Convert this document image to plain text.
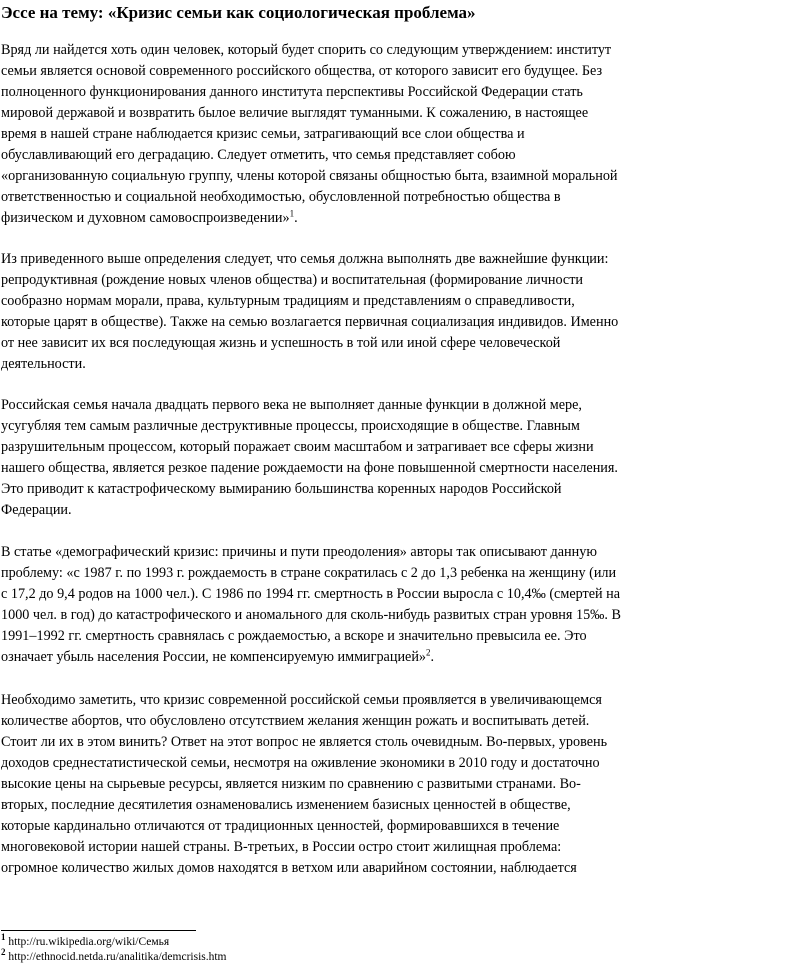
Эссе на тему: «Кризис семьи как социологическая проблема»

Вряд ли найдется хоть один человек, который будет спорить со следующим утверждением: институт семьи является основой современного российского общества, от которого зависит его будущее. Без полноценного функционирования данного института перспективы Российской Федерации стать мировой державой и возвратить былое величие выглядят туманными. К сожалению, в настоящее время в нашей стране наблюдается кризис семьи, затрагивающий все слои общества и обуславливающий его деградацию. Следует отметить, что семья представляет собою «организованную социальную группу, члены которой связаны общностью быта, взаимной моральной ответственностью и социальной необходимостью, обусловленной потребностью общества в физическом и духовном самовоспроизведении»$^1$.

Из приведенного выше определения следует, что семья должна выполнять две важнейшие функции: репродуктивная (рождение новых членов общества) и воспитательная (формирование личности сообразно нормам морали, права, культурным традициям и представлениям о справедливости, которые царят в обществе). Также на семью возлагается первичная социализация индивидов. Именно от нее зависит их вся последующая жизнь и успешность в той или иной сфере человеческой деятельности.

Российская семья начала двадцать первого века не выполняет данные функции в должной мере, усугубляя тем самым различные деструктивные процессы, происходящие в обществе. Главным разрушительным процессом, который поражает своим масштабом и затрагивает все сферы жизни нашего общества, является резкое падение рождаемости на фоне повышенной смертности населения. Это приводит к катастрофическому вымиранию большинства коренных народов Российской Федерации.

В статье «демографический кризис: причины и пути преодоления» авторы так описывают данную проблему: «с 1987 г. по 1993 г. рождаемость в стране сократилась с 2 до 1,3 ребенка на женщину (или с 17,2 до 9,4 родов на 1000 чел.). С 1986 по 1994 гг. смертность в России выросла с 10,4‰ (смертей на 1000 чел. в год) до катастрофического и аномального для сколь-нибудь развитых стран уровня 15‰. В 1991–1992 гг. смертность сравнялась с рождаемостью, а вскоре и значительно превысила ее. Это означает убыль населения России, не компенсируемую иммиграцией»$^2$.

Необходимо заметить, что кризис современной российской семьи проявляется в увеличивающемся количестве абортов, что обусловлено отсутствием желания женщин рожать и воспитывать детей. Стоит ли их в этом винить? Ответ на этот вопрос не является столь очевидным. Во-первых, уровень доходов среднестатистической семьи, несмотря на оживление экономики в 2010 году и достаточно высокие цены на сырьевые ресурсы, является низким по сравнению с развитыми странами. Во-вторых, последние десятилетия ознаменовались изменением базисных ценностей в обществе, которые кардинально отличаются от традиционных ценностей, формировавшихся в течение многовековой истории нашей страны. В-третьих, в России остро стоит жилищная проблема: огромное количество жилых домов находятся в ветхом или аварийном состоянии, наблюдается

$^1$ http://ru.wikipedia.org/wiki/Семья
$^2$ http://ethnocid.netda.ru/analitika/demcrisis.htm
